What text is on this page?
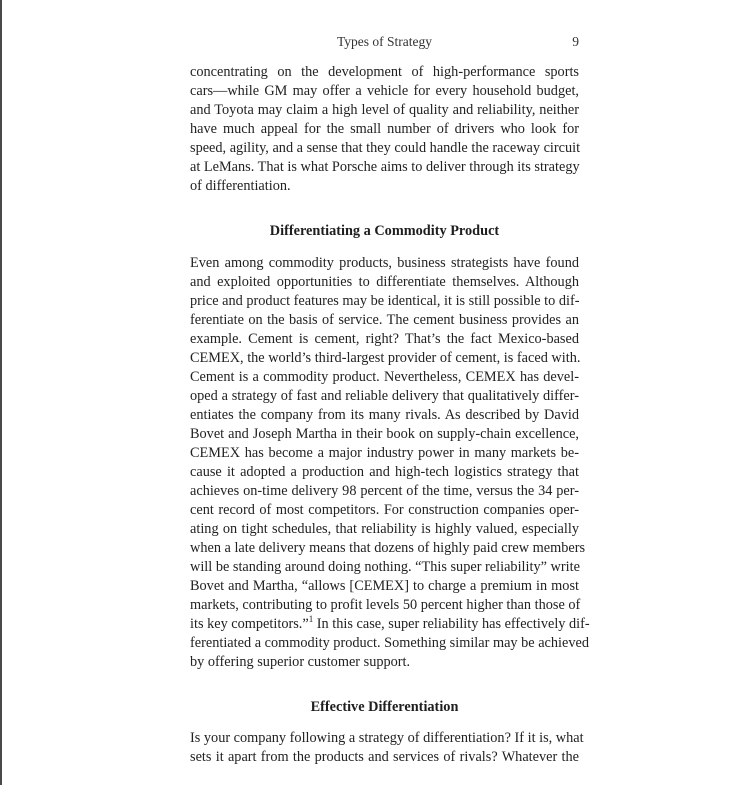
Types of Strategy	9
concentrating on the development of high-performance sports
cars—while GM may offer a vehicle for every household budget,
and Toyota may claim a high level of quality and reliability, neither
have much appeal for the small number of drivers who look for
speed, agility, and a sense that they could handle the raceway circuit
at LeMans. That is what Porsche aims to deliver through its strategy
of differentiation.
Differentiating a Commodity Product
Even among commodity products, business strategists have found
and exploited opportunities to differentiate themselves. Although
price and product features may be identical, it is still possible to dif-
ferentiate on the basis of service. The cement business provides an
example. Cement is cement, right? That’s the fact Mexico-based
CEMEX, the world’s third-largest provider of cement, is faced with.
Cement is a commodity product. Nevertheless, CEMEX has devel-
oped a strategy of fast and reliable delivery that qualitatively differ-
entiates the company from its many rivals. As described by David
Bovet and Joseph Martha in their book on supply-chain excellence,
CEMEX has become a major industry power in many markets be-
cause it adopted a production and high-tech logistics strategy that
achieves on-time delivery 98 percent of the time, versus the 34 per-
cent record of most competitors. For construction companies oper-
ating on tight schedules, that reliability is highly valued, especially
when a late delivery means that dozens of highly paid crew members
will be standing around doing nothing. “This super reliability” write
Bovet and Martha, “allows [CEMEX] to charge a premium in most
markets, contributing to profit levels 50 percent higher than those of
its key competitors.”$^1$ In this case, super reliability has effectively dif-
ferentiated a commodity product. Something similar may be achieved
by offering superior customer support.
Effective Differentiation
Is your company following a strategy of differentiation? If it is, what
sets it apart from the products and services of rivals? Whatever the
